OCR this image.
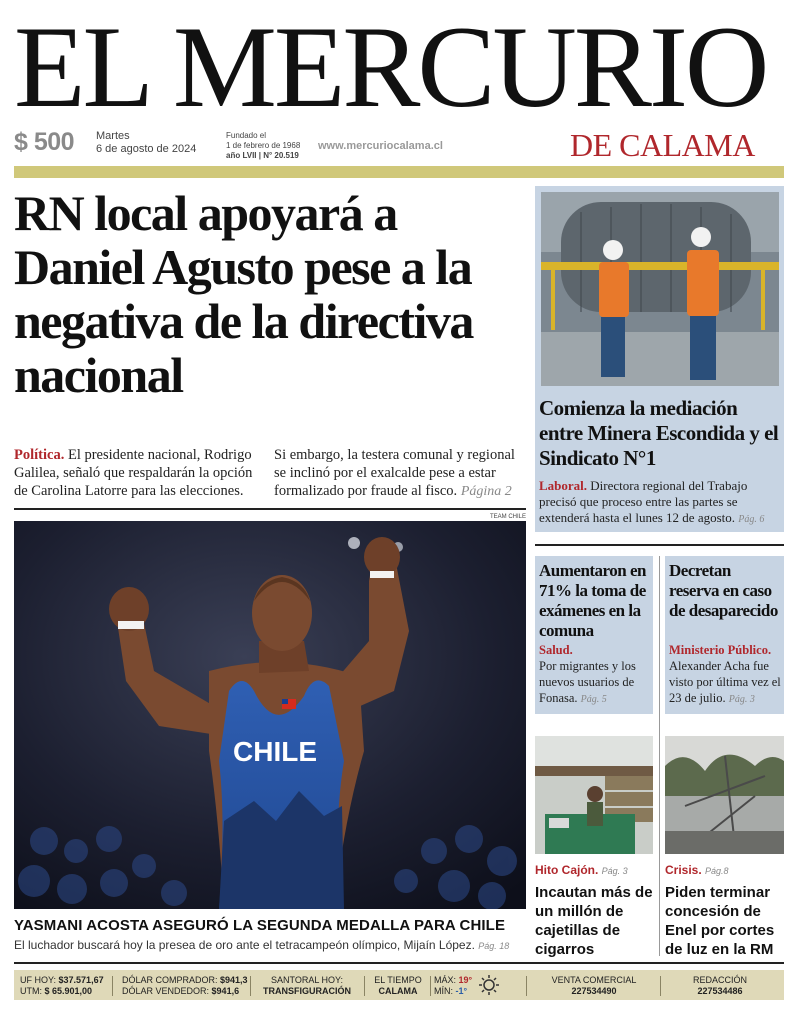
EL MERCURIO
$ 500 Martes
6 de agosto de 2024
Fundado el
1 de febrero de 1968
año LVII | N° 20.519
www.mercuriocalama.cl	DE CALAMA
RN local apoyará a Daniel Agusto pese a la negativa de la directiva nacional
Política. El presidente nacional, Rodrigo Galilea, señaló que respaldarán la opción de Carolina Latorre para las elecciones.
Si embargo, la testera comunal y regional se inclinó por el exalcalde pese a estar formalizado por fraude al fisco. Página 2
TEAM CHILE
CHILE
YASMANI ACOSTA ASEGURÓ LA SEGUNDA MEDALLA PARA CHILE
El luchador buscará hoy la presea de oro ante el tetracampeón olímpico, Mijaín López. Pág. 18
Comienza la mediación entre Minera Escondida y el Sindicato N°1
Laboral. Directora regional del Trabajo precisó que proceso entre las partes se extenderá hasta el lunes 12 de agosto. Pág. 6
Aumentaron en 71% la toma de exámenes en la comuna
Salud.
Por migrantes y los nuevos usuarios de Fonasa. Pág. 5
Decretan reserva en caso de desaparecido
Ministerio Público.
Alexander Acha fue visto por última vez el 23 de julio. Pág. 3
Hito Cajón. Pág. 3
Incautan más de un millón de cajetillas de cigarros
Crisis. Pág.8
Piden terminar concesión de Enel por cortes de luz en la RM
UF HOY: $37.571,67
UTM: $ 65.901,00
DÓLAR COMPRADOR: $941,3
DÓLAR VENDEDOR: $941,6
SANTORAL HOY:
TRANSFIGURACIÓN
EL TIEMPO
CALAMA
MÁX: 19°
MÍN: -1°
VENTA COMERCIAL
227534490
REDACCIÓN
227534486
